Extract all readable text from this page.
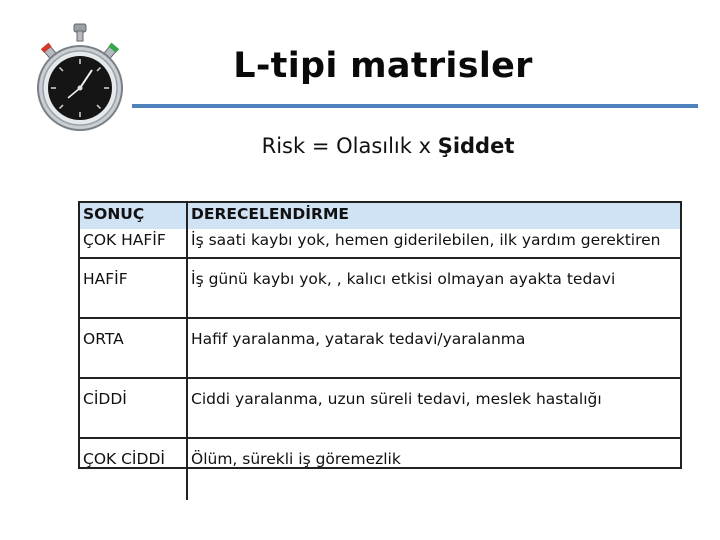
L-tipi matrisler
Risk = Olasılık x Şiddet
SONUÇ	DERECELENDİRME
ÇOK HAFİF	İş saati kaybı yok, hemen giderilebilen, ilk yardım gerektiren
HAFİF	İş günü kaybı yok, , kalıcı etkisi olmayan ayakta tedavi
ORTA	Hafif yaralanma, yatarak tedavi/yaralanma
CİDDİ	Ciddi yaralanma, uzun süreli tedavi, meslek hastalığı
ÇOK CİDDİ	Ölüm, sürekli iş göremezlik
